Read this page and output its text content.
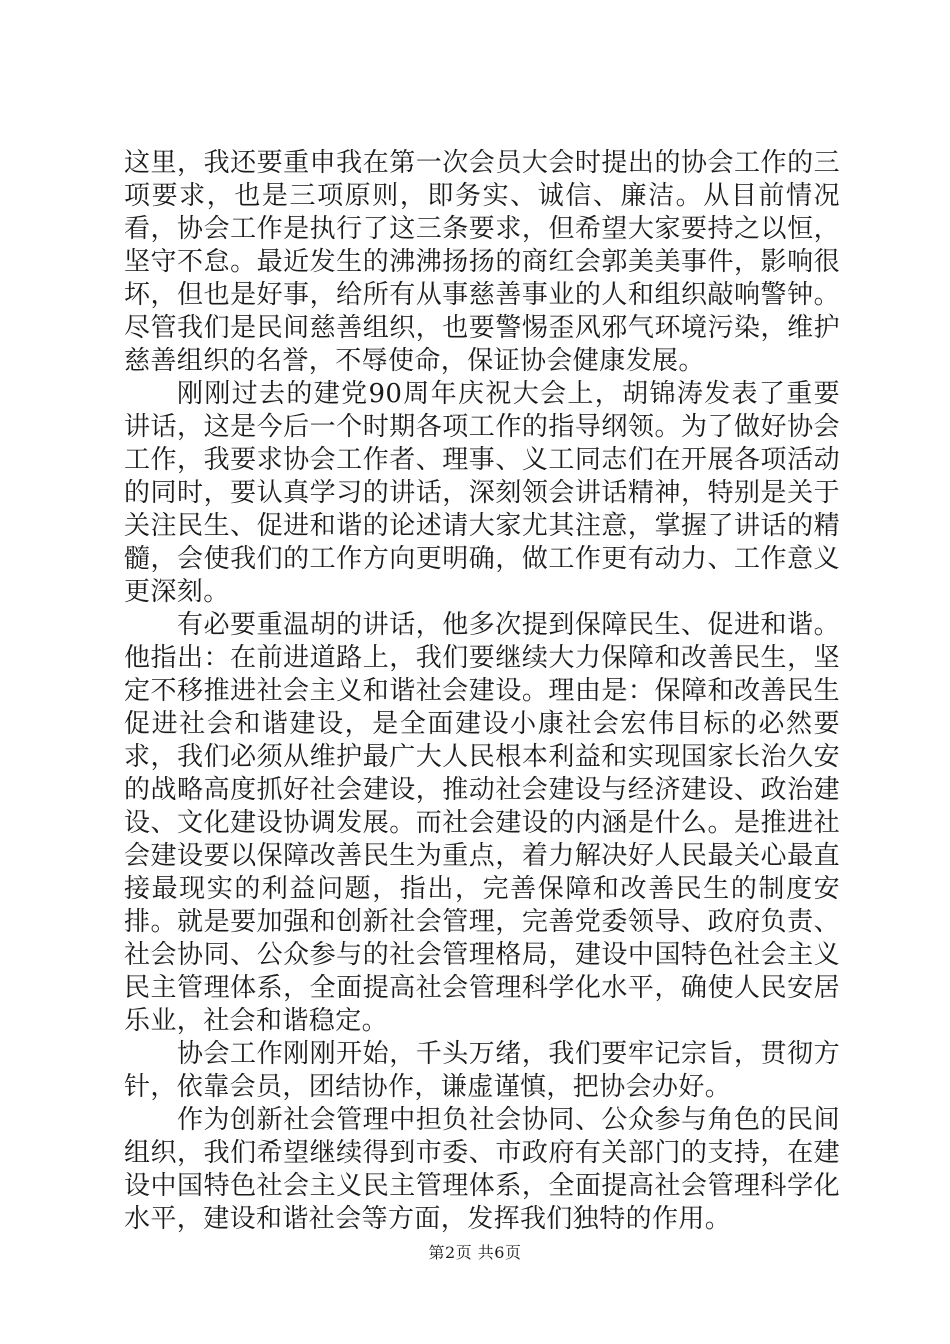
这里，我还要重申我在第一次会员大会时提出的协会工作的三项要求，也是三项原则，即务实、诚信、廉洁。从目前情况看，协会工作是执行了这三条要求，但希望大家要持之以恒，坚守不怠。最近发生的沸沸扬扬的商红会郭美美事件，影响很坏，但也是好事，给所有从事慈善事业的人和组织敲响警钟。尽管我们是民间慈善组织，也要警惕歪风邪气环境污染，维护慈善组织的名誉，不辱使命，保证协会健康发展。

刚刚过去的建党90周年庆祝大会上，胡锦涛发表了重要讲话，这是今后一个时期各项工作的指导纲领。为了做好协会工作，我要求协会工作者、理事、义工同志们在开展各项活动的同时，要认真学习的讲话，深刻领会讲话精神，特别是关于关注民生、促进和谐的论述请大家尤其注意，掌握了讲话的精髓，会使我们的工作方向更明确，做工作更有动力、工作意义更深刻。

有必要重温胡的讲话，他多次提到保障民生、促进和谐。他指出：在前进道路上，我们要继续大力保障和改善民生，坚定不移推进社会主义和谐社会建设。理由是：保障和改善民生促进社会和谐建设，是全面建设小康社会宏伟目标的必然要求，我们必须从维护最广大人民根本利益和实现国家长治久安的战略高度抓好社会建设，推动社会建设与经济建设、政治建设、文化建设协调发展。而社会建设的内涵是什么。是推进社会建设要以保障改善民生为重点，着力解决好人民最关心最直接最现实的利益问题，指出，完善保障和改善民生的制度安排。就是要加强和创新社会管理，完善党委领导、政府负责、社会协同、公众参与的社会管理格局，建设中国特色社会主义民主管理体系，全面提高社会管理科学化水平，确使人民安居乐业，社会和谐稳定。

协会工作刚刚开始，千头万绪，我们要牢记宗旨，贯彻方针，依靠会员，团结协作，谦虚谨慎，把协会办好。

作为创新社会管理中担负社会协同、公众参与角色的民间组织，我们希望继续得到市委、市政府有关部门的支持，在建设中国特色社会主义民主管理体系，全面提高社会管理科学化水平，建设和谐社会等方面，发挥我们独特的作用。

第2页 共6页
